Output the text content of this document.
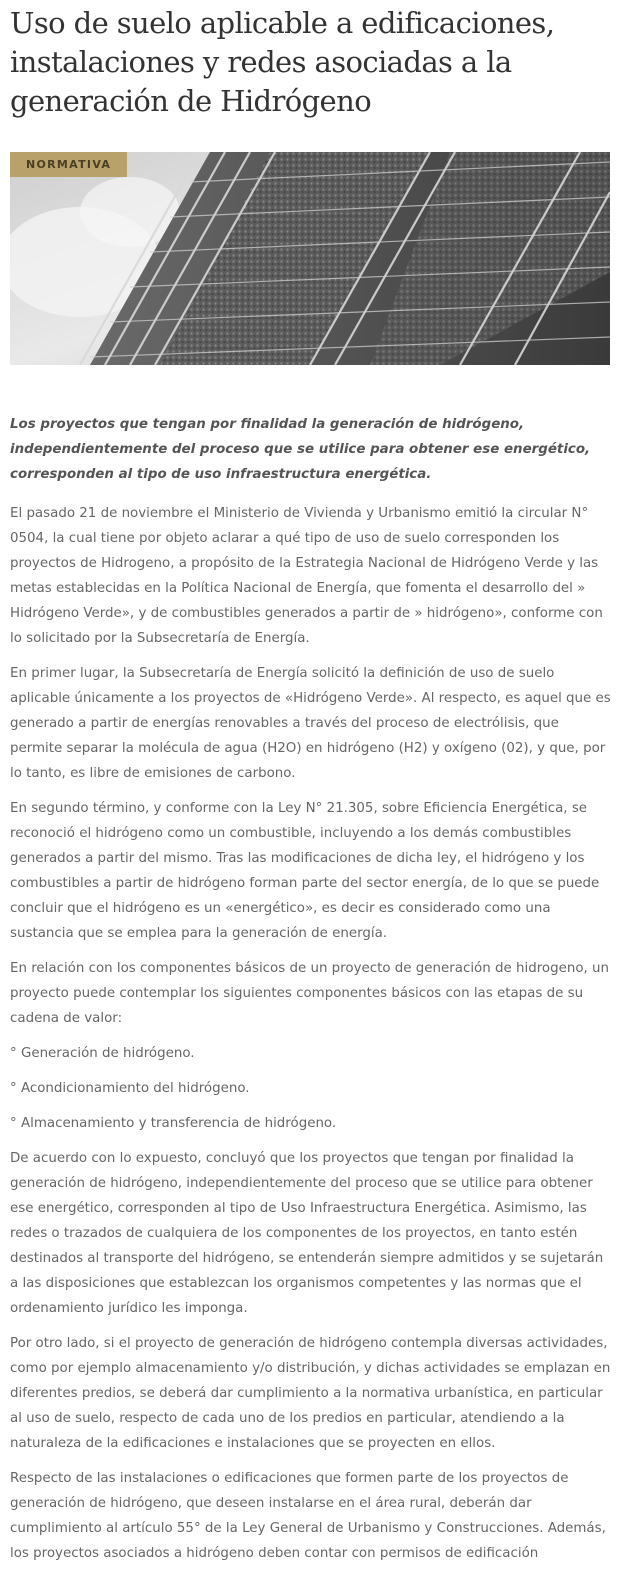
Uso de suelo aplicable a edificaciones, instalaciones y redes asociadas a la generación de Hidrógeno
NORMATIVA

Los proyectos que tengan por finalidad la generación de hidrógeno, independientemente del proceso que se utilice para obtener ese energético, corresponden al tipo de uso infraestructura energética.

El pasado 21 de noviembre el Ministerio de Vivienda y Urbanismo emitió la circular N° 0504, la cual tiene por objeto aclarar a qué tipo de uso de suelo corresponden los proyectos de Hidrogeno, a propósito de la Estrategia Nacional de Hidrógeno Verde y las metas establecidas en la Política Nacional de Energía, que fomenta el desarrollo del » Hidrógeno Verde», y de combustibles generados a partir de » hidrógeno», conforme con lo solicitado por la Subsecretaría de Energía.

En primer lugar, la Subsecretaría de Energía solicitó la definición de uso de suelo aplicable únicamente a los proyectos de «Hidrógeno Verde». Al respecto, es aquel que es generado a partir de energías renovables a través del proceso de electrólisis, que permite separar la molécula de agua (H2O) en hidrógeno (H2) y oxígeno (02), y que, por lo tanto, es libre de emisiones de carbono.

En segundo término, y conforme con la Ley N° 21.305, sobre Eficiencia Energética, se reconoció el hidrógeno como un combustible, incluyendo a los demás combustibles generados a partir del mismo. Tras las modificaciones de dicha ley, el hidrógeno y los combustibles a partir de hidrógeno forman parte del sector energía, de lo que se puede concluir que el hidrógeno es un «energético», es decir es considerado como una sustancia que se emplea para la generación de energía.

En relación con los componentes básicos de un proyecto de generación de hidrogeno, un proyecto puede contemplar los siguientes componentes básicos con las etapas de su cadena de valor:

° Generación de hidrógeno.

° Acondicionamiento del hidrógeno.

° Almacenamiento y transferencia de hidrógeno.

De acuerdo con lo expuesto, concluyó que los proyectos que tengan por finalidad la generación de hidrógeno, independientemente del proceso que se utilice para obtener ese energético, corresponden al tipo de Uso Infraestructura Energética. Asimismo, las redes o trazados de cualquiera de los componentes de los proyectos, en tanto estén destinados al transporte del hidrógeno, se entenderán siempre admitidos y se sujetarán a las disposiciones que establezcan los organismos competentes y las normas que el ordenamiento jurídico les imponga.

Por otro lado, si el proyecto de generación de hidrógeno contempla diversas actividades, como por ejemplo almacenamiento y/o distribución, y dichas actividades se emplazan en diferentes predios, se deberá dar cumplimiento a la normativa urbanística, en particular al uso de suelo, respecto de cada uno de los predios en particular, atendiendo a la naturaleza de la edificaciones e instalaciones que se proyecten en ellos.

Respecto de las instalaciones o edificaciones que formen parte de los proyectos de generación de hidrógeno, que deseen instalarse en el área rural, deberán dar cumplimiento al artículo 55° de la Ley General de Urbanismo y Construcciones. Además, los proyectos asociados a hidrógeno deben contar con permisos de edificación
